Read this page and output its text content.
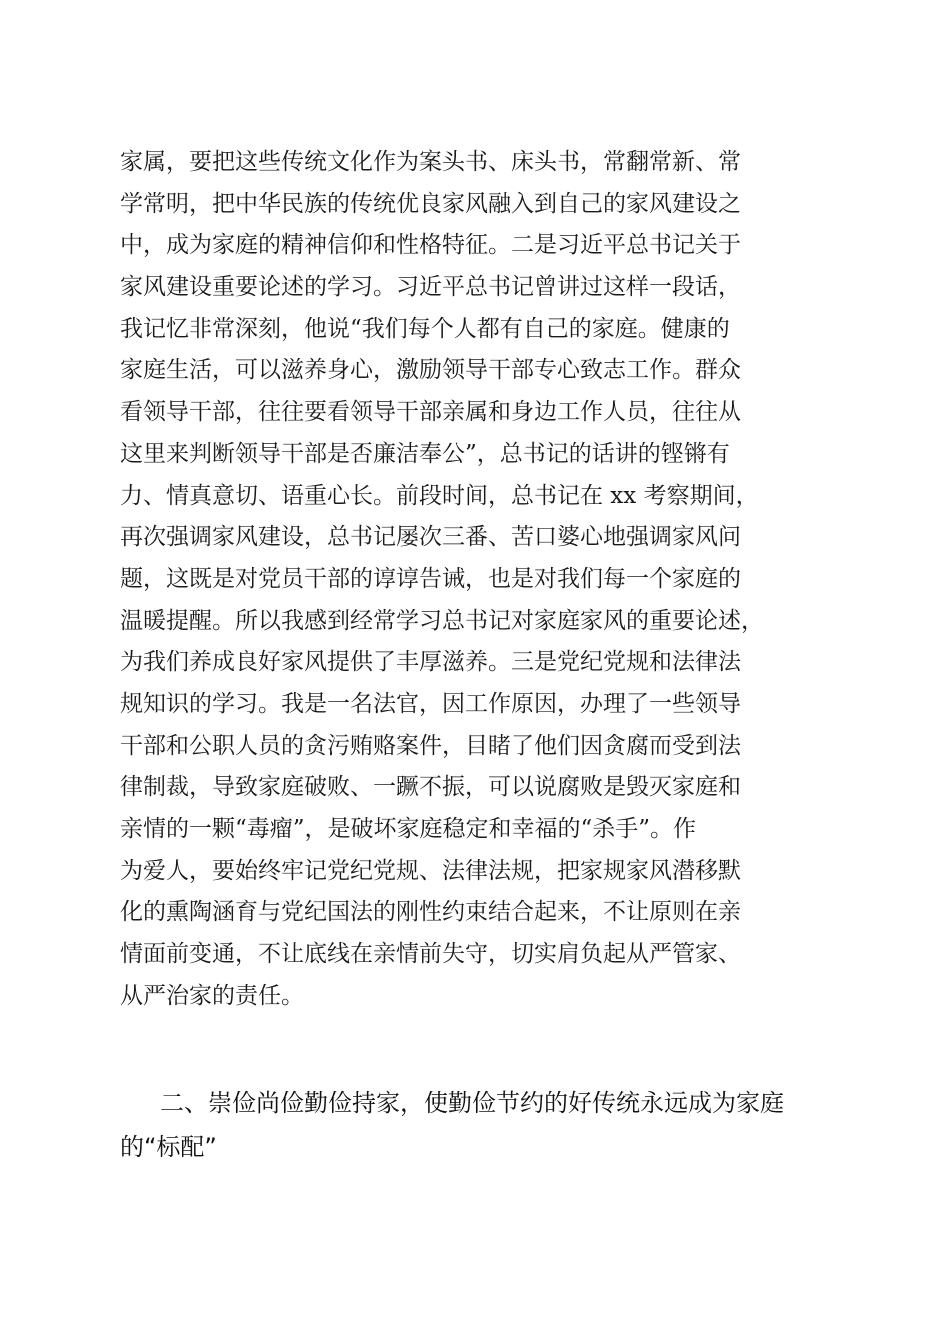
家属，要把这些传统文化作为案头书、床头书，常翻常新、常
学常明，把中华民族的传统优良家风融入到自己的家风建设之
中，成为家庭的精神信仰和性格特征。二是习近平总书记关于
家风建设重要论述的学习。习近平总书记曾讲过这样一段话，
我记忆非常深刻，他说“我们每个人都有自己的家庭。健康的
家庭生活，可以滋养身心，激励领导干部专心致志工作。群众
看领导干部，往往要看领导干部亲属和身边工作人员，往往从
这里来判断领导干部是否廉洁奉公”，总书记的话讲的铿锵有
力、情真意切、语重心长。前段时间，总书记在 xx 考察期间，
再次强调家风建设，总书记屡次三番、苦口婆心地强调家风问
题，这既是对党员干部的谆谆告诫，也是对我们每一个家庭的
温暖提醒。所以我感到经常学习总书记对家庭家风的重要论述，
为我们养成良好家风提供了丰厚滋养。三是党纪党规和法律法
规知识的学习。我是一名法官，因工作原因，办理了一些领导
干部和公职人员的贪污贿赂案件，目睹了他们因贪腐而受到法
律制裁，导致家庭破败、一蹶不振，可以说腐败是毁灭家庭和
亲情的一颗“毒瘤”，是破坏家庭稳定和幸福的“杀手”。作
为爱人，要始终牢记党纪党规、法律法规，把家规家风潜移默
化的熏陶涵育与党纪国法的刚性约束结合起来，不让原则在亲
情面前变通，不让底线在亲情前失守，切实肩负起从严管家、
从严治家的责任。
二、崇俭尚俭勤俭持家，使勤俭节约的好传统永远成为家庭
的“标配”
